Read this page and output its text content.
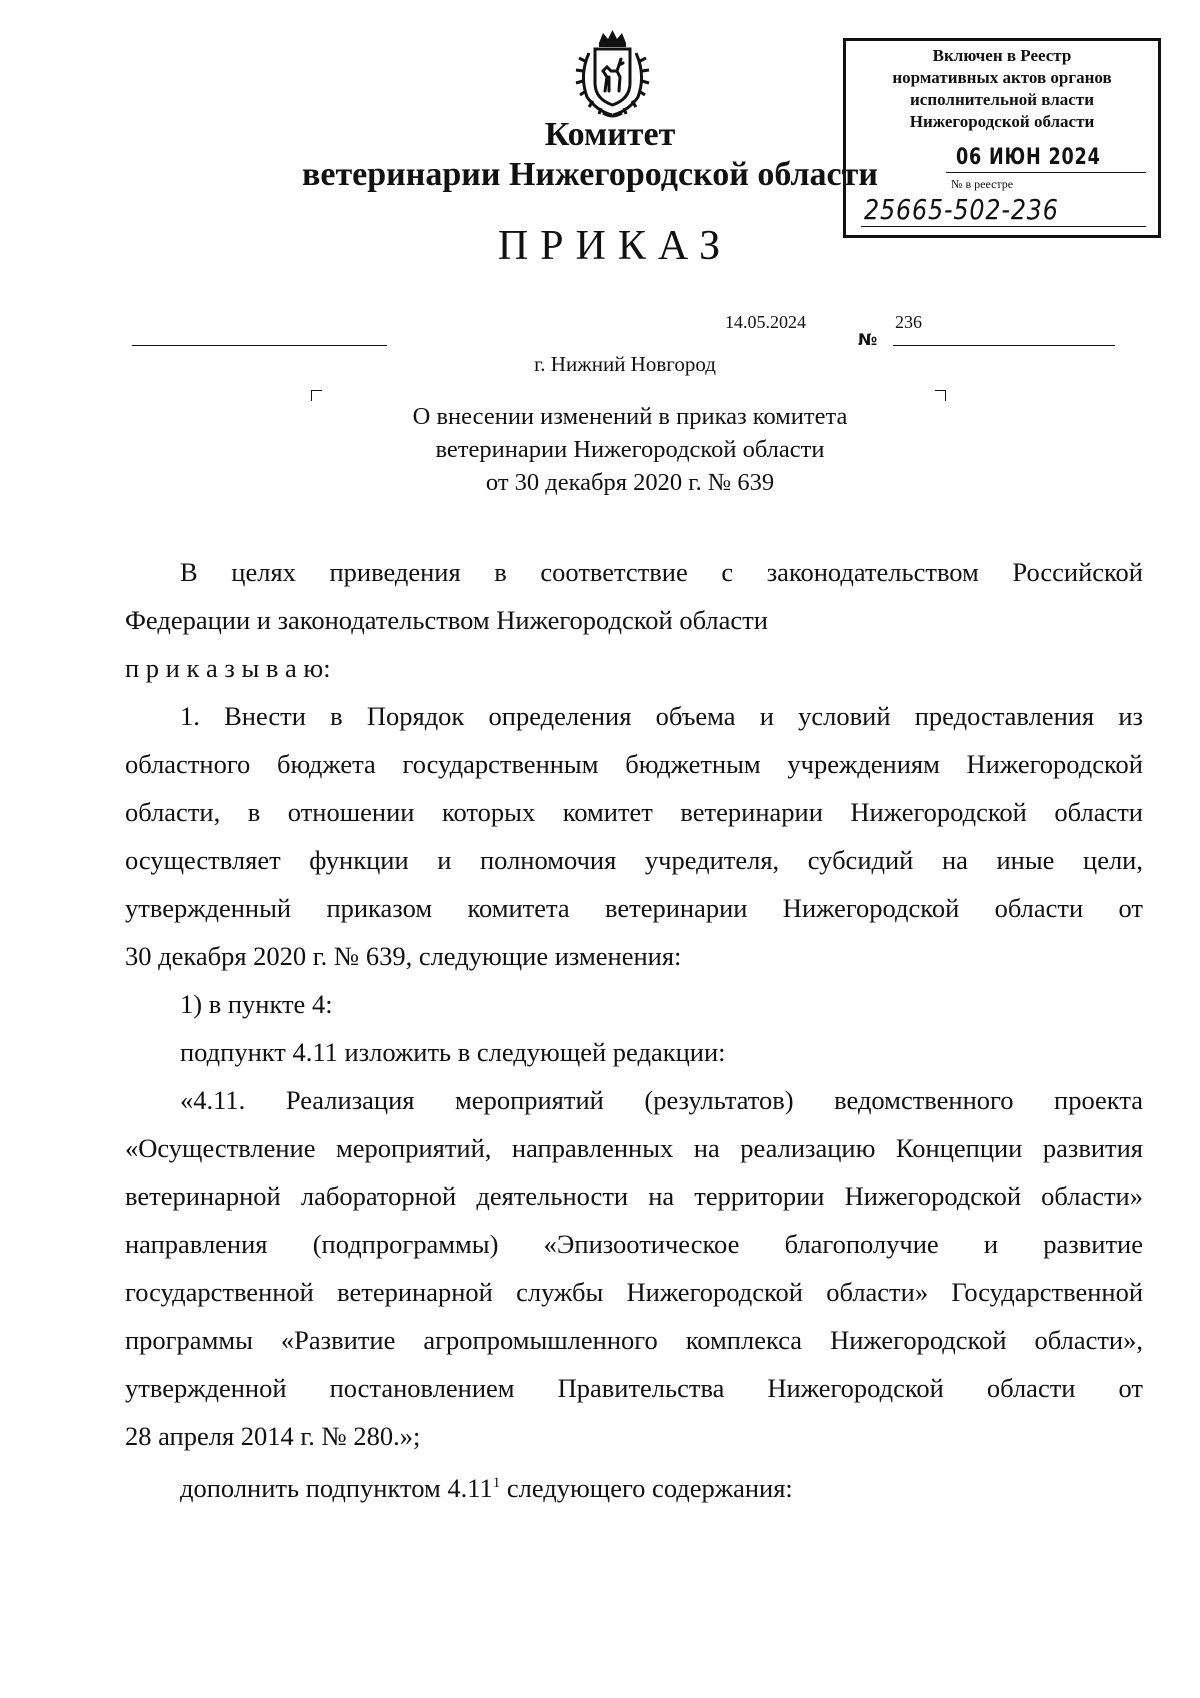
Комитет
ветеринарии Нижегородской области
ПРИКАЗ
Включен в Реестр
нормативных актов органов
исполнительной власти
Нижегородской области
06 ИЮН 2024
№ в реестре
25665-502-236
14.05.2024
№
236
г. Нижний Новгород
О внесении изменений в приказ комитета
ветеринарии Нижегородской области
от 30 декабря 2020 г. № 639
В целях приведения в соответствие с законодательством Российской
Федерации и законодательством Нижегородской области
п р и к а з ы в а ю:
1. Внести в Порядок определения объема и условий предоставления из
областного бюджета государственным бюджетным учреждениям Нижегородской
области, в отношении которых комитет ветеринарии Нижегородской области
осуществляет функции и полномочия учредителя, субсидий на иные цели,
утвержденный приказом комитета ветеринарии Нижегородской области от
30 декабря 2020 г. № 639, следующие изменения:
1) в пункте 4:
подпункт 4.11 изложить в следующей редакции:
«4.11. Реализация мероприятий (результатов) ведомственного проекта
«Осуществление мероприятий, направленных на реализацию Концепции развития
ветеринарной лабораторной деятельности на территории Нижегородской области»
направления (подпрограммы) «Эпизоотическое благополучие и развитие
государственной ветеринарной службы Нижегородской области» Государственной
программы «Развитие агропромышленного комплекса Нижегородской области»,
утвержденной постановлением Правительства Нижегородской области от
28 апреля 2014 г. № 280.»;
дополнить подпунктом 4.11$^1$ следующего содержания:
